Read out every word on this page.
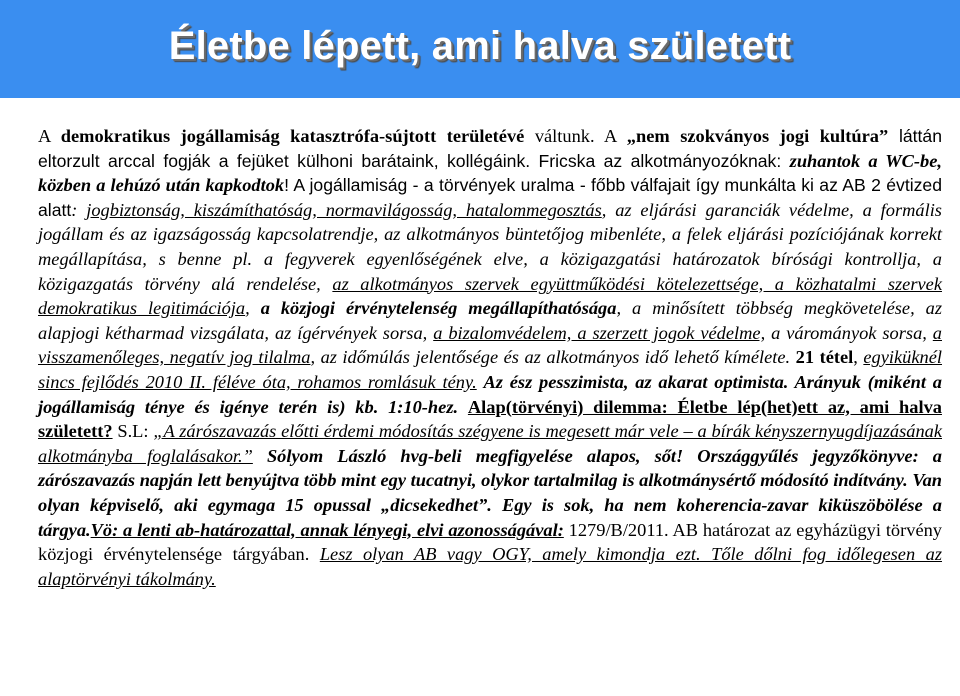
Életbe lépett, ami halva született

A demokratikus jogállamiság katasztrófa-sújtott területévé váltunk. A „nem szokványos jogi kultúra” láttán eltorzult arccal fogják a fejüket külhoni barátaink, kollégáink. Fricska az alkotmányozóknak: zuhantok a WC-be, közben a lehúzó után kapkodtok! A jogállamiság - a törvények uralma - főbb válfajait így munkálta ki az AB 2 évtized alatt: jogbiztonság, kiszámíthatóság, normavilágosság, hatalommegosztás, az eljárási garanciák védelme, a formális jogállam és az igazságosság kapcsolatrendje, az alkotmányos büntetőjog mibenléte, a felek eljárási pozíciójának korrekt megállapítása, s benne pl. a fegyverek egyenlőségének elve, a közigazgatási határozatok bírósági kontrollja, a közigazgatás törvény alá rendelése, az alkotmányos szervek együttműködési kötelezettsége, a közhatalmi szervek demokratikus legitimációja, a közjogi érvénytelenség megállapíthatósága, a minősített többség megkövetelése, az alapjogi kétharmad vizsgálata, az ígérvények sorsa, a bizalomvédelem, a szerzett jogok védelme, a várományok sorsa, a visszamenőleges, negatív jog tilalma, az időmúlás jelentősége és az alkotmányos idő lehető kímélete. 21 tétel, egyiküknél sincs fejlődés 2010 II. féléve óta, rohamos romlásuk tény. Az ész pesszimista, az akarat optimista. Arányuk (miként a jogállamiság ténye és igénye terén is) kb. 1:10-hez. Alap(törvényi) dilemma: Életbe lép(het)ett az, ami halva született? S.L: „A zárószavazás előtti érdemi módosítás szégyene is megesett már vele – a bírák kényszernyugdíjazásának alkotmányba foglalásakor.” Sólyom László hvg-beli megfigyelése alapos, sőt! Országgyűlés jegyzőkönyve: a zárószavazás napján lett benyújtva több mint egy tucatnyi, olykor tartalmilag is alkotmánysértő módosító indítvány. Van olyan képviselő, aki egymaga 15 opussal „dicsekedhet”. Egy is sok, ha nem koherencia-zavar kiküszöbölése a tárgya.Vö: a lenti ab-határozattal, annak lényegi, elvi azonosságával: 1279/B/2011. AB határozat az egyházügyi törvény közjogi érvénytelensége tárgyában. Lesz olyan AB vagy OGY, amely kimondja ezt. Tőle dőlni fog időlegesen az alaptörvényi tákolmány.
